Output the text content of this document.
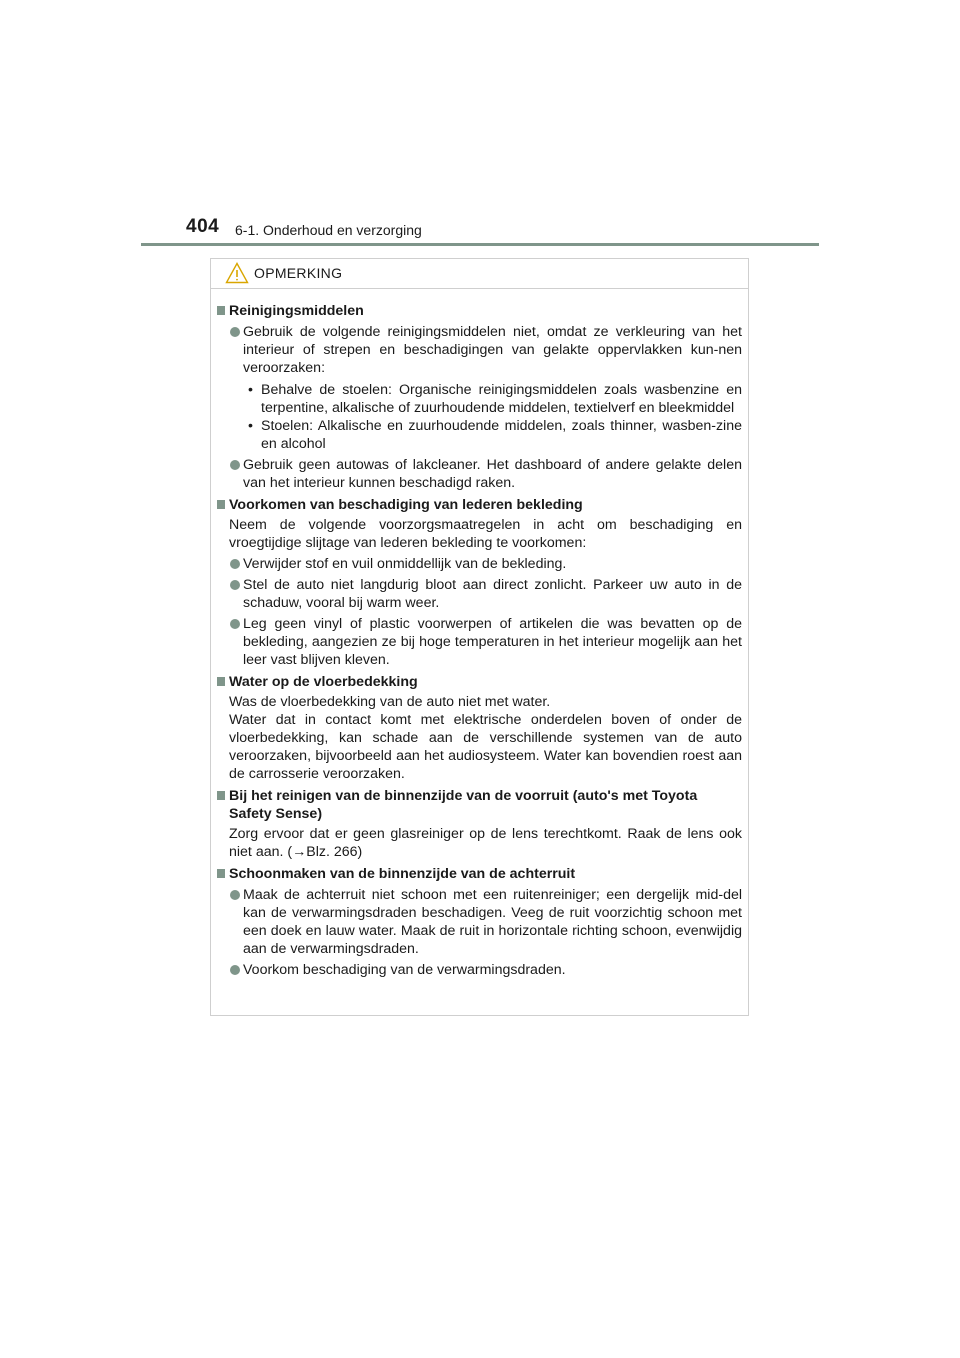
404 6-1. Onderhoud en verzorging
OPMERKING
Reinigingsmiddelen
Gebruik de volgende reinigingsmiddelen niet, omdat ze verkleuring van het interieur of strepen en beschadigingen van gelakte oppervlakken kun-nen veroorzaken:
• Behalve de stoelen: Organische reinigingsmiddelen zoals wasbenzine en terpentine, alkalische of zuurhoudende middelen, textielverf en bleekmiddel
• Stoelen: Alkalische en zuurhoudende middelen, zoals thinner, wasben-zine en alcohol
Gebruik geen autowas of lakcleaner. Het dashboard of andere gelakte delen van het interieur kunnen beschadigd raken.
Voorkomen van beschadiging van lederen bekleding
Neem de volgende voorzorgsmaatregelen in acht om beschadiging en vroegtijdige slijtage van lederen bekleding te voorkomen:
Verwijder stof en vuil onmiddellijk van de bekleding.
Stel de auto niet langdurig bloot aan direct zonlicht. Parkeer uw auto in de schaduw, vooral bij warm weer.
Leg geen vinyl of plastic voorwerpen of artikelen die was bevatten op de bekleding, aangezien ze bij hoge temperaturen in het interieur mogelijk aan het leer vast blijven kleven.
Water op de vloerbedekking
Was de vloerbedekking van de auto niet met water.
Water dat in contact komt met elektrische onderdelen boven of onder de vloerbedekking, kan schade aan de verschillende systemen van de auto veroorzaken, bijvoorbeeld aan het audiosysteem. Water kan bovendien roest aan de carrosserie veroorzaken.
Bij het reinigen van de binnenzijde van de voorruit (auto's met Toyota Safety Sense)
Zorg ervoor dat er geen glasreiniger op de lens terechtkomt. Raak de lens ook niet aan. (→Blz. 266)
Schoonmaken van de binnenzijde van de achterruit
Maak de achterruit niet schoon met een ruitenreiniger; een dergelijk mid-del kan de verwarmingsdraden beschadigen. Veeg de ruit voorzichtig schoon met een doek en lauw water. Maak de ruit in horizontale richting schoon, evenwijdig aan de verwarmingsdraden.
Voorkom beschadiging van de verwarmingsdraden.
